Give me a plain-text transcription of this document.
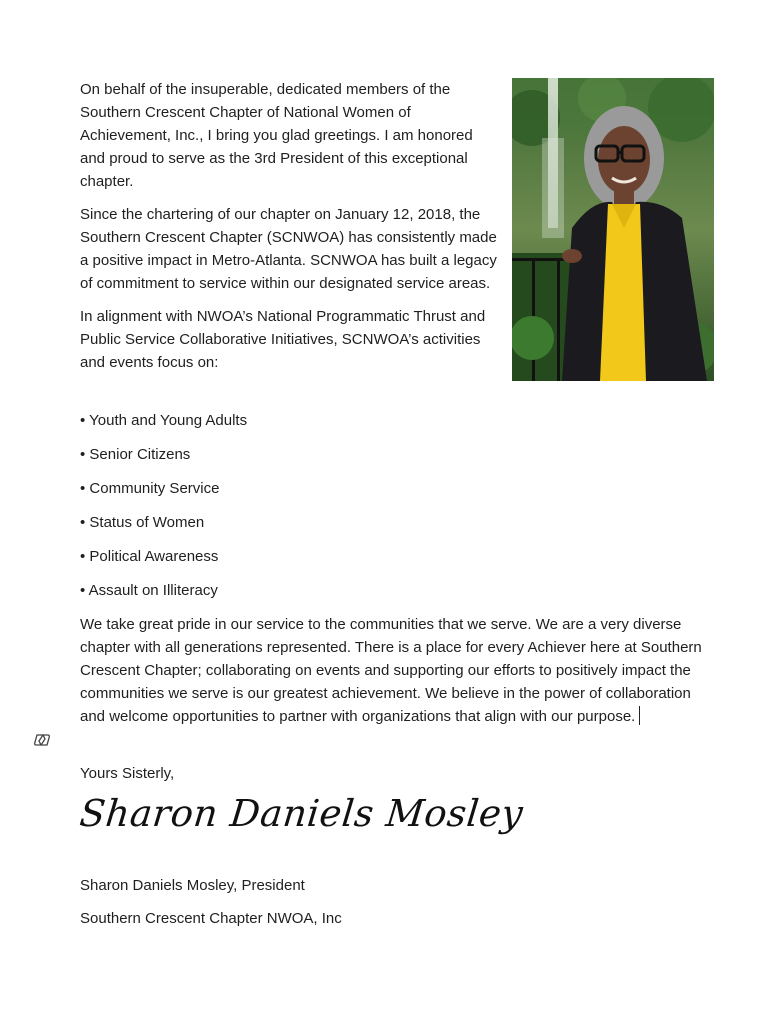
On behalf of the insuperable, dedicated members of the Southern Crescent Chapter of National Women of Achievement, Inc., I bring you glad greetings. I am honored and proud to serve as the 3rd President of this exceptional chapter.

Since the chartering of our chapter on January 12, 2018, the Southern Crescent Chapter (SCNWOA) has consistently made a positive impact in Metro-Atlanta. SCNWOA has built a legacy of commitment to service within our designated service areas.

In alignment with NWOA’s National Programmatic Thrust and Public Service Collaborative Initiatives, SCNWOA’s activities and events focus on:

• Youth and Young Adults

• Senior Citizens

• Community Service

• Status of Women

• Political Awareness

• Assault on Illiteracy

We take great pride in our service to the communities that we serve. We are a very diverse chapter with all generations represented. There is a place for every Achiever here at Southern Crescent Chapter; collaborating on events and supporting our efforts to positively impact the communities we serve is our greatest achievement. We believe in the power of collaboration and welcome opportunities to partner with organizations that align with our purpose.

Yours Sisterly,

Sharon Daniels Mosley

Sharon Daniels Mosley, President

Southern Crescent Chapter NWOA, Inc
